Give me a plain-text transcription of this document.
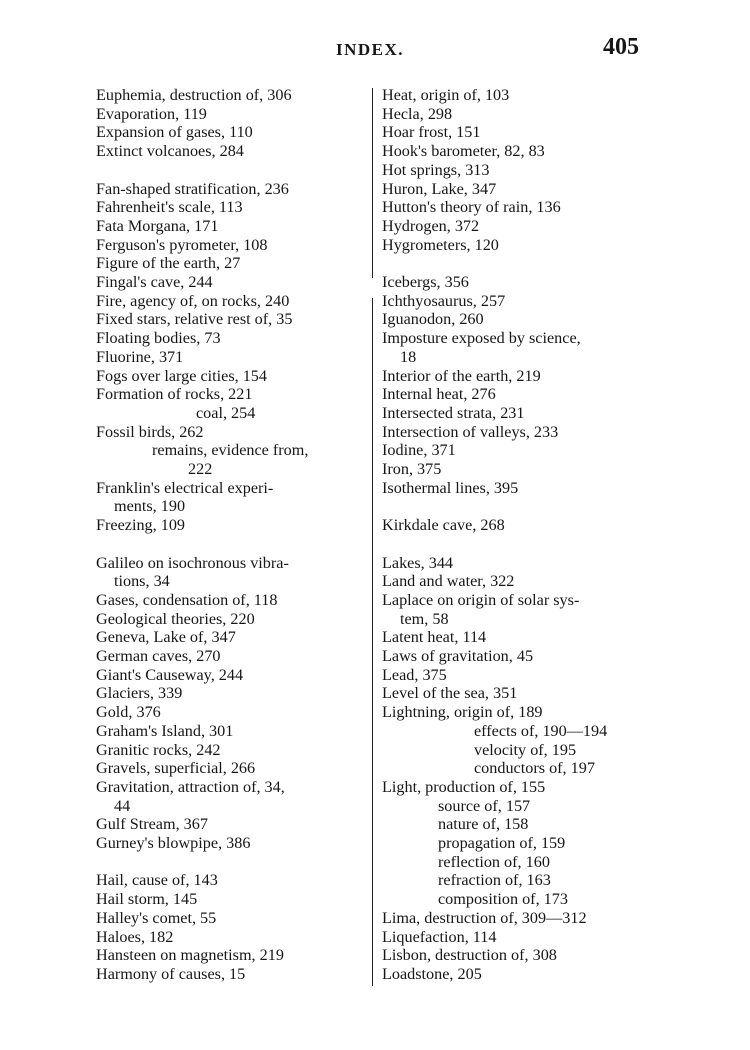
INDEX.	405
Euphemia, destruction of, 306
Evaporation, 119
Expansion of gases, 110
Extinct volcanoes, 284
Fan-shaped stratification, 236
Fahrenheit's scale, 113
Fata Morgana, 171
Ferguson's pyrometer, 108
Figure of the earth, 27
Fingal's cave, 244
Fire, agency of, on rocks, 240
Fixed stars, relative rest of, 35
Floating bodies, 73
Fluorine, 371
Fogs over large cities, 154
Formation of rocks, 221
coal, 254
Fossil birds, 262
remains, evidence from,
222
Franklin's electrical experi-
ments, 190
Freezing, 109
Galileo on isochronous vibra-
tions, 34
Gases, condensation of, 118
Geological theories, 220
Geneva, Lake of, 347
German caves, 270
Giant's Causeway, 244
Glaciers, 339
Gold, 376
Graham's Island, 301
Granitic rocks, 242
Gravels, superficial, 266
Gravitation, attraction of, 34,
44
Gulf Stream, 367
Gurney's blowpipe, 386
Hail, cause of, 143
Hail storm, 145
Halley's comet, 55
Haloes, 182
Hansteen on magnetism, 219
Harmony of causes, 15
Heat, origin of, 103
Hecla, 298
Hoar frost, 151
Hook's barometer, 82, 83
Hot springs, 313
Huron, Lake, 347
Hutton's theory of rain, 136
Hydrogen, 372
Hygrometers, 120
Icebergs, 356
Ichthyosaurus, 257
Iguanodon, 260
Imposture exposed by science,
18
Interior of the earth, 219
Internal heat, 276
Intersected strata, 231
Intersection of valleys, 233
Iodine, 371
Iron, 375
Isothermal lines, 395
Kirkdale cave, 268
Lakes, 344
Land and water, 322
Laplace on origin of solar sys-
tem, 58
Latent heat, 114
Laws of gravitation, 45
Lead, 375
Level of the sea, 351
Lightning, origin of, 189
effects of, 190—194
velocity of, 195
conductors of, 197
Light, production of, 155
source of, 157
nature of, 158
propagation of, 159
reflection of, 160
refraction of, 163
composition of, 173
Lima, destruction of, 309—312
Liquefaction, 114
Lisbon, destruction of, 308
Loadstone, 205
